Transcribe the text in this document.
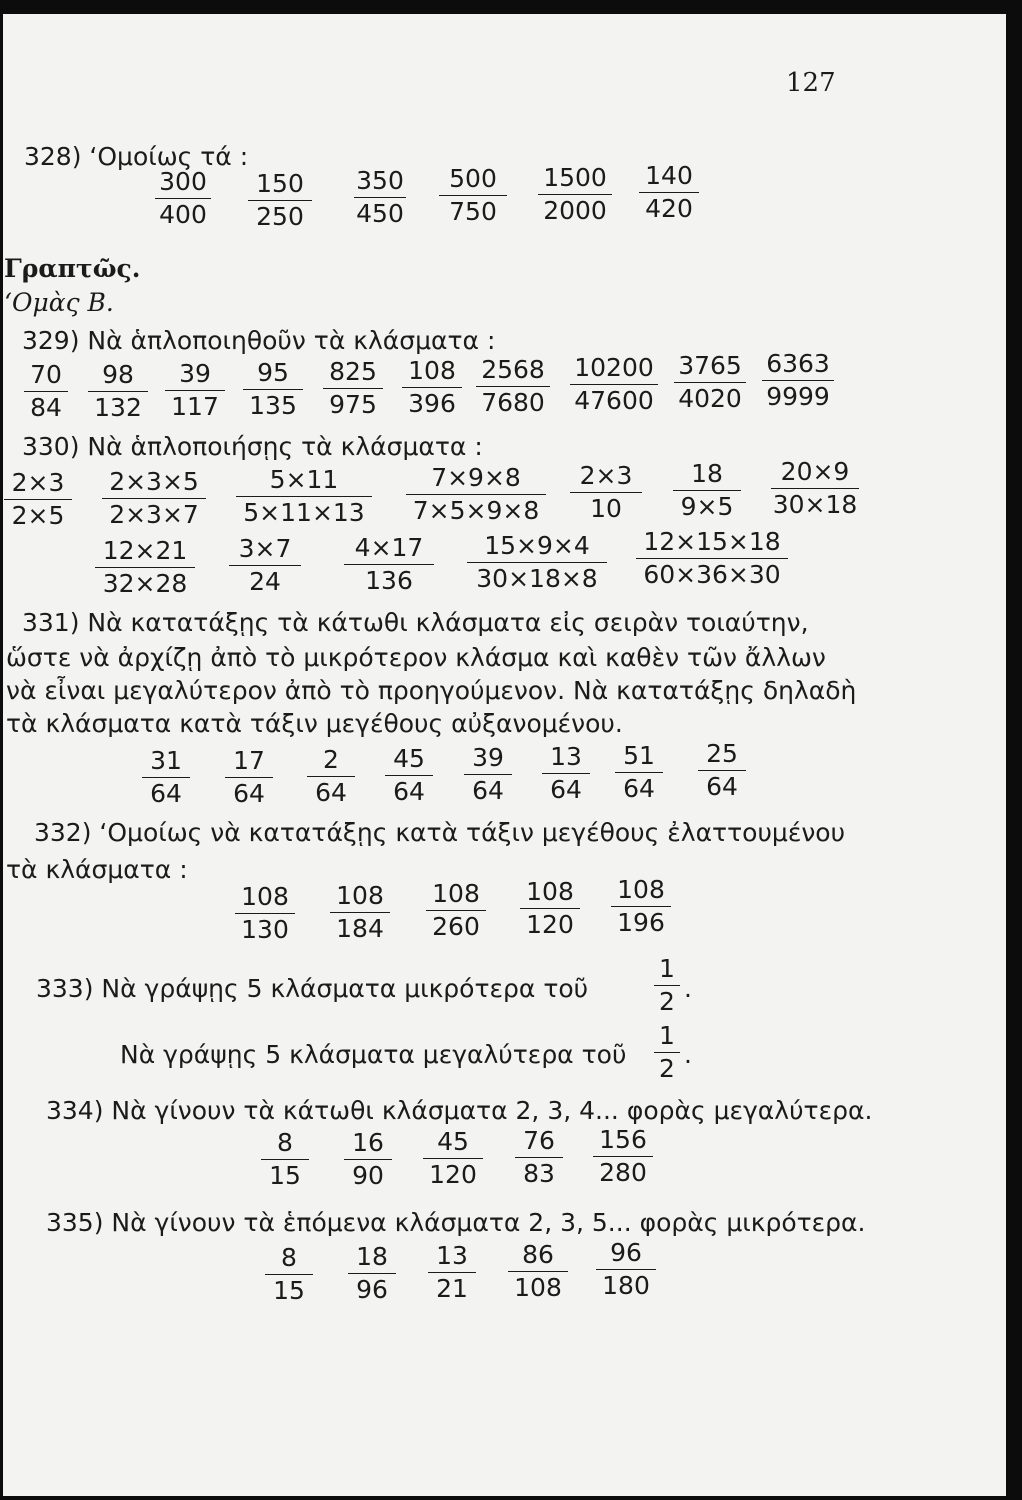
127
328) ‘Ομοίως τά :
300
400
150
250
350
450
500
750
1500
2000
140
420
Γραπτῶς.
‘Ομὰς Β.
329) Νὰ ἁπλοποιηθοῦν τὰ κλάσματα :
70
84
98
132
39
117
95
135
825
975
108
396
2568
7680
10200
47600
3765
4020
6363
9999
330) Νὰ ἁπλοποιήσῃς τὰ κλάσματα :
2×3
2×5
2×3×5
2×3×7
5×11
5×11×13
7×9×8
7×5×9×8
2×3
10
18
9×5
20×9
30×18
12×21
32×28
3×7
24
4×17
136
15×9×4
30×18×8
12×15×18
60×36×30
331) Νὰ κατατάξῃς τὰ κάτωθι κλάσματα εἰς σειρὰν τοιαύτην,
ὥστε νὰ ἀρχίζῃ ἀπὸ τὸ μικρότερον κλάσμα καὶ καθὲν τῶν ἄλλων
νὰ εἶναι μεγαλύτερον ἀπὸ τὸ προηγούμενον. Νὰ κατατάξῃς δηλαδὴ
τὰ κλάσματα κατὰ τάξιν μεγέθους αὐξανομένου.
31
64
17
64
2
64
45
64
39
64
13
64
51
64
25
64
332) ‘Ομοίως νὰ κατατάξῃς κατὰ τάξιν μεγέθους ἐλαττουμένου
τὰ κλάσματα :
108
130
108
184
108
260
108
120
108
196
333) Νὰ γράψῃς 5 κλάσματα μικρότερα τοῦ
1
2 .
Νὰ γράψῃς 5 κλάσματα μεγαλύτερα τοῦ
1
2 .
334) Νὰ γίνουν τὰ κάτωθι κλάσματα 2, 3, 4... φορὰς μεγαλύτερα.
8
15
16
90
45
120
76
83
156
280
335) Νὰ γίνουν τὰ ἑπόμενα κλάσματα 2, 3, 5... φορὰς μικρότερα.
8
15
18
96
13
21
86
108
96
180
